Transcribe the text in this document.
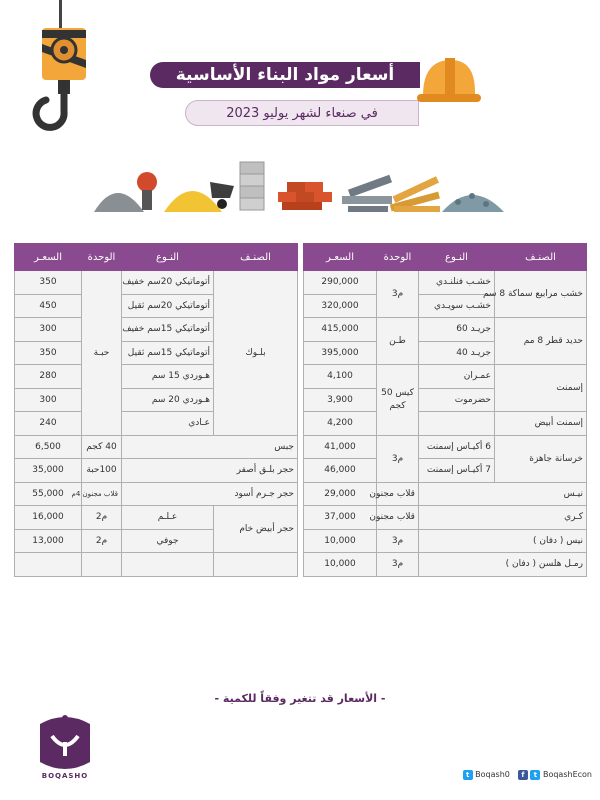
أسعار مواد البناء الأساسية
في صنعاء لشهر يوليو 2023
الصنـف	النـوع	الوحدة	السعـر
خشب مرابيع سماكة 8 سم	خشـب فنلنـدي	م3	290,000
	خشـب سويـدي		320,000
حديد قطر 8 مم	جريـد 60	طـن	415,000
	جريـد 40		395,000
إسمنت	عمـران	كيس 50 كجم	4,100
	حضرموت		3,900
إسمنت أبيض			4,200
خرسانة جاهزة	6 أكيـاس إسمنت	م3	41,000
	7 أكيـاس إسمنت		46,000
نيـس		قلاب مجنون	29,000
كـري		قلاب مجنون	37,000
نيس ( دفان )		م3	10,000
رمـل هلسن ( دفان )		م3	10,000
الصنـف	النـوع	الوحدة	السعـر
بلـوك	أتوماتيكي 20سم خفيف	حبـة	350
	أتوماتيكي 20سم ثقيل		450
	أتوماتيكي 15سم خفيف		300
	أتوماتيكي 15سم ثقيل		350
	هـوردي 15 سم		280
	هـوردي 20 سم		300
	عـادي		240
جبس		40 كجم	6,500
حجر بلـق أصفر		100حبة	35,000
حجر جـرم أسود		قلاب مجنون 4م	55,000
حجر أبيض خام	عـلـم	م2	16,000
	جوفي	م2	13,000

- الأسعار قد تتغير وفقاً للكمية -
BOQASHO	t Boqash0	f t BoqashEcon
